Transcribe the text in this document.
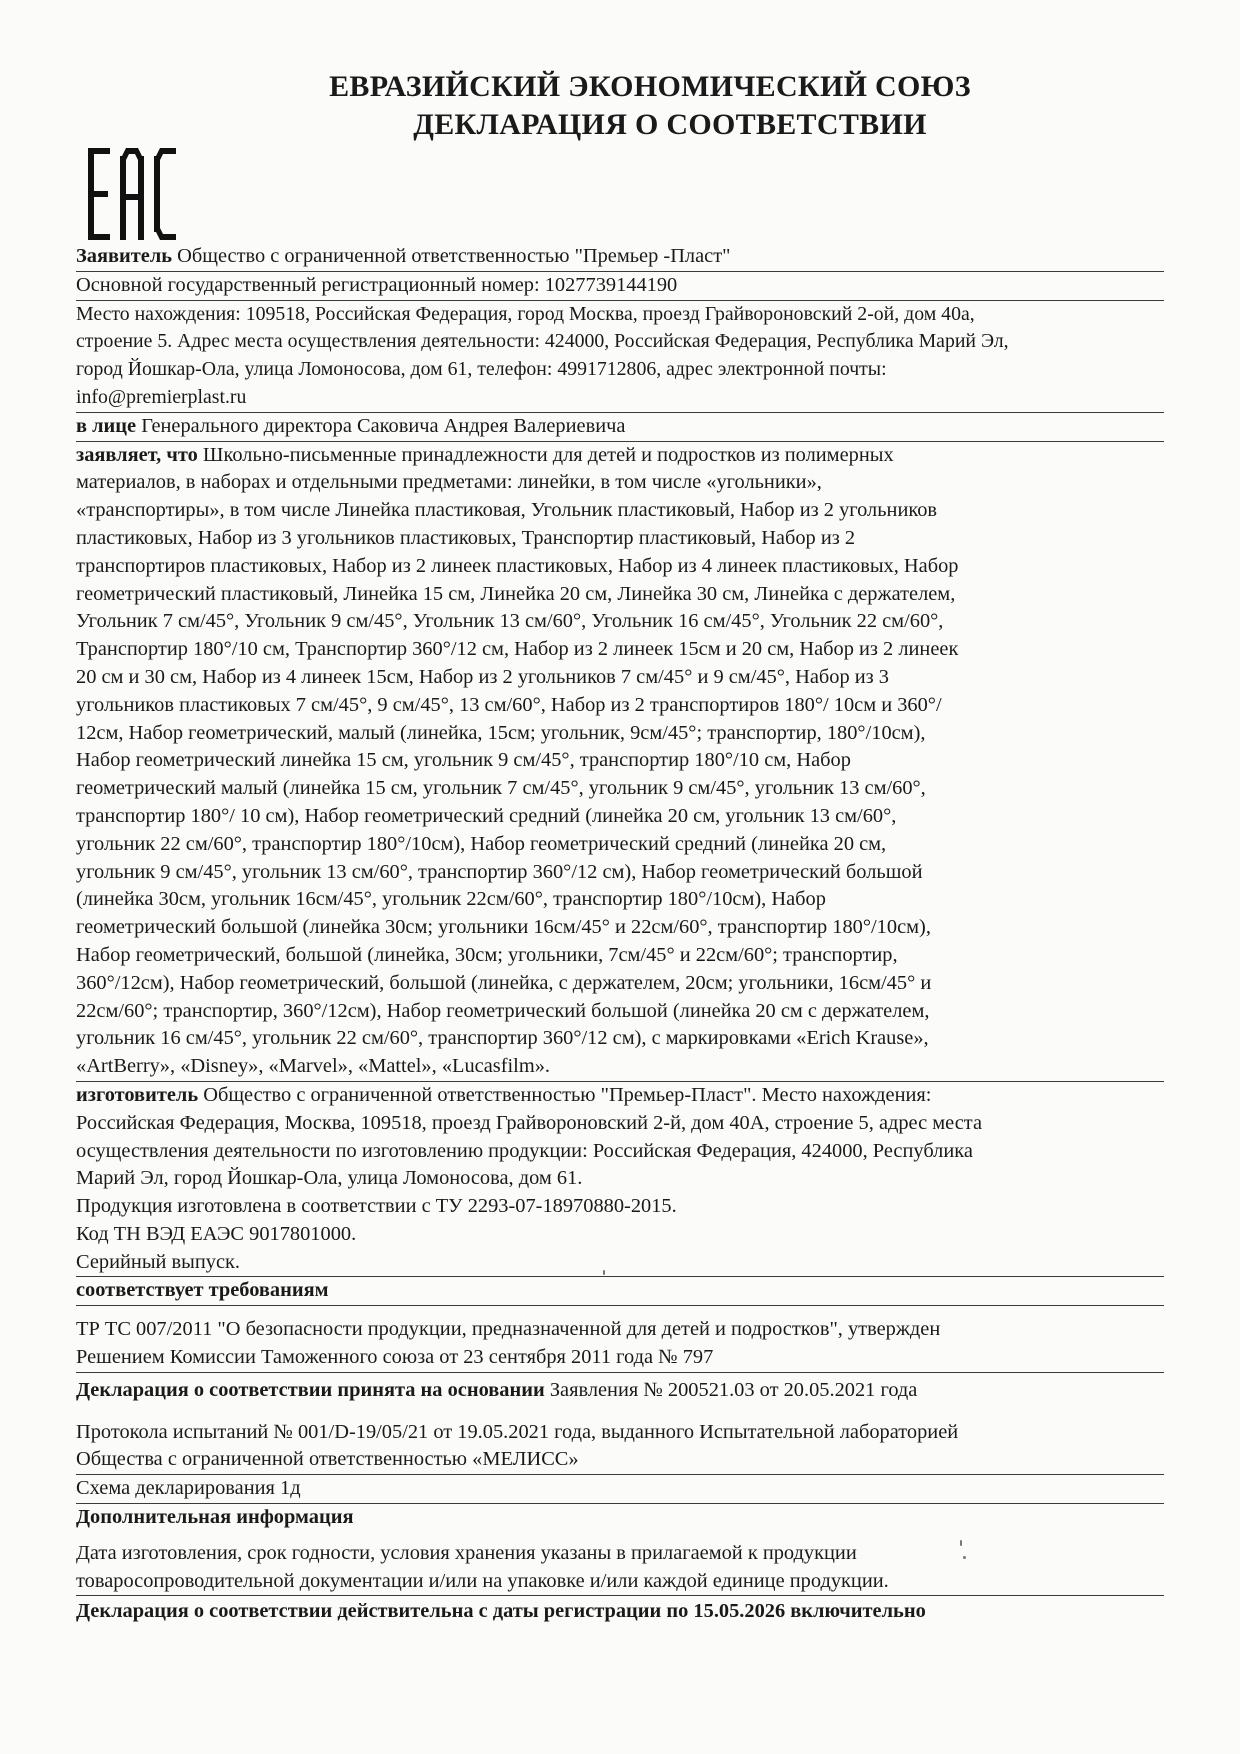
ЕВРАЗИЙСКИЙ ЭКОНОМИЧЕСКИЙ СОЮЗ
ДЕКЛАРАЦИЯ О СООТВЕТСТВИИ
Заявитель Общество с ограниченной ответственностью "Премьер -Пласт"
Основной государственный регистрационный номер: 1027739144190
Место нахождения: 109518, Российская Федерация, город Москва, проезд Грайвороновский 2-ой, дом 40а,
строение 5. Адрес места осуществления деятельности: 424000, Российская Федерация, Республика Марий Эл,
город Йошкар-Ола, улица Ломоносова, дом 61, телефон: 4991712806, адрес электронной почты:
info@premierplast.ru
в лице Генерального директора Саковича Андрея Валериевича
заявляет, что Школьно-письменные принадлежности для детей и подростков из полимерных
материалов, в наборах и отдельными предметами: линейки, в том числе «угольники»,
«транспортиры», в том числе Линейка пластиковая, Угольник пластиковый, Набор из 2 угольников
пластиковых, Набор из 3 угольников пластиковых, Транспортир пластиковый, Набор из 2
транспортиров пластиковых, Набор из 2 линеек пластиковых, Набор из 4 линеек пластиковых, Набор
геометрический пластиковый, Линейка 15 см, Линейка 20 см, Линейка 30 см, Линейка с держателем,
Угольник 7 см/45°, Угольник 9 см/45°, Угольник 13 см/60°, Угольник 16 см/45°, Угольник 22 см/60°,
Транспортир 180°/10 см, Транспортир 360°/12 см, Набор из 2 линеек 15см и 20 см, Набор из 2 линеек
20 см и 30 см, Набор из 4 линеек 15см, Набор из 2 угольников 7 см/45° и 9 см/45°, Набор из 3
угольников пластиковых 7 см/45°, 9 см/45°, 13 см/60°, Набор из 2 транспортиров 180°/ 10см и 360°/
12см, Набор геометрический, малый (линейка, 15см; угольник, 9см/45°; транспортир, 180°/10см),
Набор геометрический линейка 15 см, угольник 9 см/45°, транспортир 180°/10 см, Набор
геометрический малый (линейка 15 см, угольник 7 см/45°, угольник 9 см/45°, угольник 13 см/60°,
транспортир 180°/ 10 см), Набор геометрический средний (линейка 20 см, угольник 13 см/60°,
угольник 22 см/60°, транспортир 180°/10см), Набор геометрический средний (линейка 20 см,
угольник 9 см/45°, угольник 13 см/60°, транспортир 360°/12 см), Набор геометрический большой
(линейка 30см, угольник 16см/45°, угольник 22см/60°, транспортир 180°/10см), Набор
геометрический большой (линейка 30см; угольники 16см/45° и 22см/60°, транспортир 180°/10см),
Набор геометрический, большой (линейка, 30см; угольники, 7см/45° и 22см/60°; транспортир,
360°/12см), Набор геометрический, большой (линейка, с держателем, 20см; угольники, 16см/45° и
22см/60°; транспортир, 360°/12см), Набор геометрический большой (линейка 20 см с держателем,
угольник 16 см/45°, угольник 22 см/60°, транспортир 360°/12 см), с маркировками «Erich Krause»,
«ArtBerry», «Disney», «Marvel», «Mattel», «Lucasfilm».
изготовитель Общество с ограниченной ответственностью "Премьер-Пласт". Место нахождения:
Российская Федерация, Москва, 109518, проезд Грайвороновский 2-й, дом 40А, строение 5, адрес места
осуществления деятельности по изготовлению продукции: Российская Федерация, 424000, Республика
Марий Эл, город Йошкар-Ола, улица Ломоносова, дом 61.
Продукция изготовлена в соответствии с ТУ 2293-07-18970880-2015.
Код ТН ВЭД ЕАЭС 9017801000.
Серийный выпуск.
соответствует требованиям
ТР ТС 007/2011 "О безопасности продукции, предназначенной для детей и подростков", утвержден
Решением Комиссии Таможенного союза от 23 сентября 2011 года № 797
Декларация о соответствии принята на основании Заявления № 200521.03 от 20.05.2021 года
Протокола испытаний № 001/D-19/05/21 от 19.05.2021 года, выданного Испытательной лабораторией
Общества с ограниченной ответственностью «МЕЛИСС»
Схема декларирования 1д
Дополнительная информация
Дата изготовления, срок годности, условия хранения указаны в прилагаемой к продукции
товаросопроводительной документации и/или на упаковке и/или каждой единице продукции.
Декларация о соответствии действительна с даты регистрации по 15.05.2026 включительно
